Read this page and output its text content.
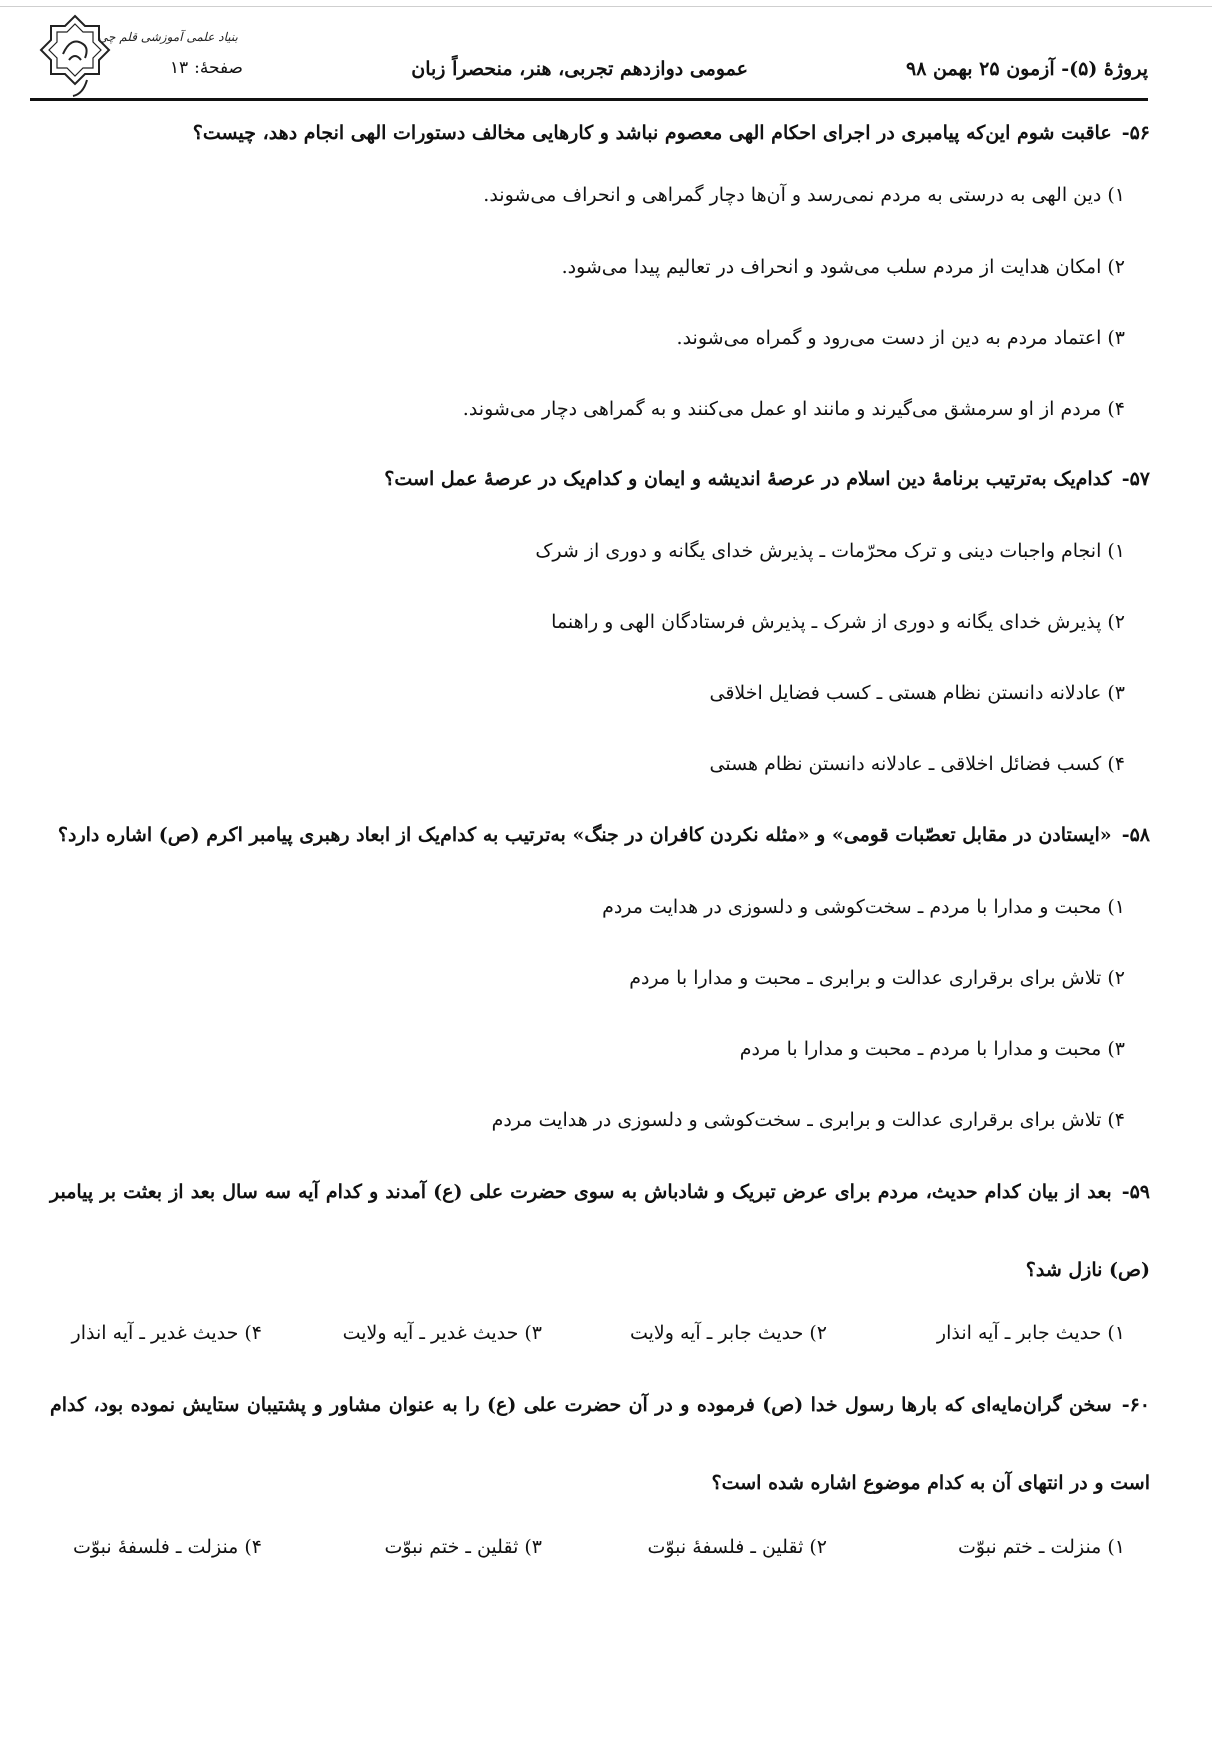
بنیاد علمی آموزشی قلم چی
پروژهٔ (۵)- آزمون ۲۵ بهمن ۹۸
عمومی دوازدهم تجربی، هنر، منحصراً زبان
صفحهٔ:۱۳
۵۶-عاقبت شوم این‌که پیامبری در اجرای احکام الهی معصوم نباشد و کارهایی مخالف دستورات الهی انجام دهد، چیست؟
۱)دین الهی به درستی به مردم نمی‌رسد و آن‌ها دچار گمراهی و انحراف می‌شوند.
۲)امکان هدایت از مردم سلب می‌شود و انحراف در تعالیم پیدا می‌شود.
۳)اعتماد مردم به دین از دست می‌رود و گمراه می‌شوند.
۴)مردم از او سرمشق می‌گیرند و مانند او عمل می‌کنند و به گمراهی دچار می‌شوند.
۵۷-کدام‌یک به‌ترتیب برنامهٔ دین اسلام در عرصهٔ اندیشه و ایمان و کدام‌یک در عرصهٔ عمل است؟
۱)انجام واجبات دینی و ترک محرّمات ـ پذیرش خدای یگانه و دوری از شرک
۲)پذیرش خدای یگانه و دوری از شرک ـ پذیرش فرستادگان الهی و راهنما
۳)عادلانه دانستن نظام هستی ـ کسب فضایل اخلاقی
۴)کسب فضائل اخلاقی ـ عادلانه دانستن نظام هستی
۵۸-«ایستادن در مقابل تعصّبات قومی» و «مثله نکردن کافران در جنگ» به‌ترتیب به کدام‌یک از ابعاد رهبری پیامبر اکرم (ص) اشاره دارد؟
۱)محبت و مدارا با مردم ـ سخت‌کوشی و دلسوزی در هدایت مردم
۲)تلاش برای برقراری عدالت و برابری ـ محبت و مدارا با مردم
۳)محبت و مدارا با مردم ـ محبت و مدارا با مردم
۴)تلاش برای برقراری عدالت و برابری ـ سخت‌کوشی و دلسوزی در هدایت مردم
۵۹-بعد از بیان کدام حدیث، مردم برای عرض تبریک و شادباش به سوی حضرت علی (ع) آمدند و کدام آیه سه سال بعد از بعثت بر پیامبر (ص) نازل شد؟
۱)حدیث جابر ـ آیه انذار
۲)حدیث جابر ـ آیه ولایت
۳)حدیث غدیر ـ آیه ولایت
۴)حدیث غدیر ـ آیه انذار
۶۰-سخن گران‌مایه‌ای که بارها رسول خدا (ص) فرموده و در آن حضرت علی (ع) را به عنوان مشاور و پشتیبان ستایش نموده بود، کدام است و در انتهای آن به کدام موضوع اشاره شده است؟
۱)منزلت ـ ختم نبوّت
۲)ثقلین ـ فلسفهٔ نبوّت
۳)ثقلین ـ ختم نبوّت
۴)منزلت ـ فلسفهٔ نبوّت
